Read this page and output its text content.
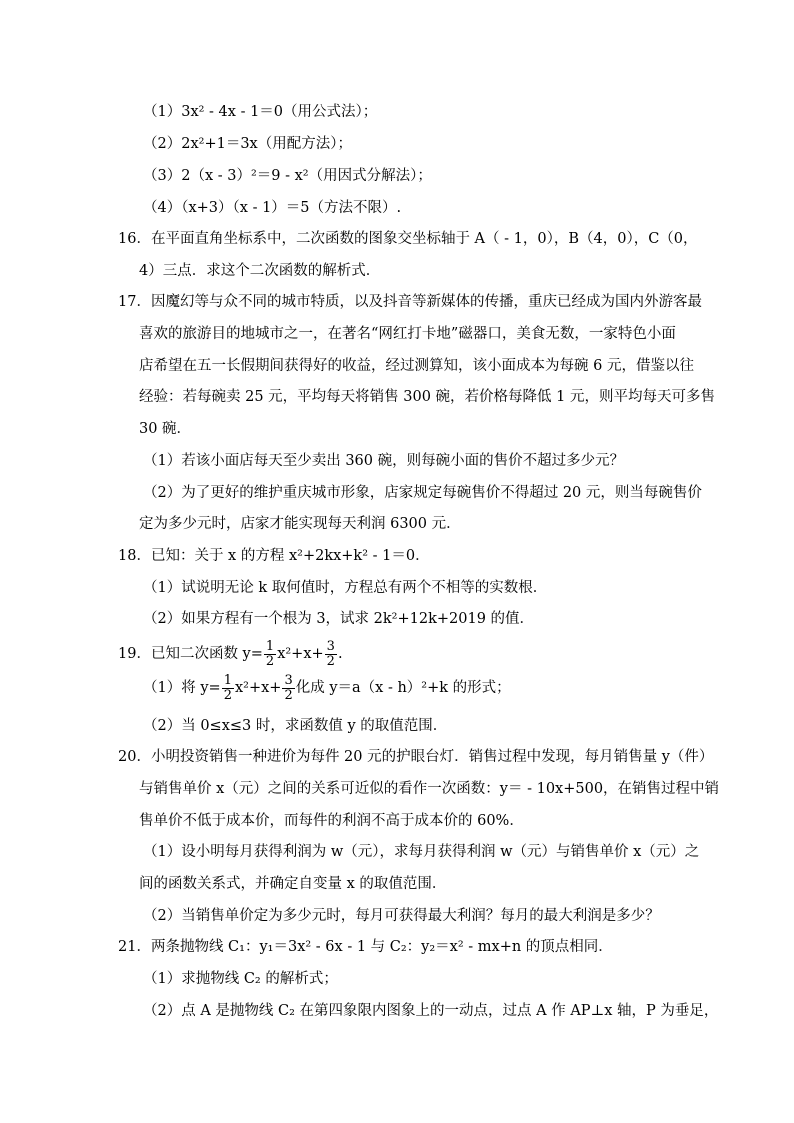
（1）3x² - 4x - 1＝0（用公式法）；
（2）2x²+1＝3x（用配方法）；
（3）2（x - 3）²＝9 - x²（用因式分解法）；
（4）（x+3）（x - 1）＝5（方法不限）.
16．在平面直角坐标系中，二次函数的图象交坐标轴于 A（ - 1，0），B（4，0），C（0，
4）三点．求这个二次函数的解析式．
17．因魔幻等与众不同的城市特质，以及抖音等新媒体的传播，重庆已经成为国内外游客最
喜欢的旅游目的地城市之一，在著名“网红打卡地”磁器口，美食无数，一家特色小面
店希望在五一长假期间获得好的收益，经过测算知，该小面成本为每碗 6 元，借鉴以往
经验：若每碗卖 25 元，平均每天将销售 300 碗，若价格每降低 1 元，则平均每天可多售
30 碗．
（1）若该小面店每天至少卖出 360 碗，则每碗小面的售价不超过多少元？
（2）为了更好的维护重庆城市形象，店家规定每碗售价不得超过 20 元，则当每碗售价
定为多少元时，店家才能实现每天利润 6300 元．
18．已知：关于 x 的方程 x²+2kx+k² - 1＝0．
（1）试说明无论 k 取何值时，方程总有两个不相等的实数根．
（2）如果方程有一个根为 3，试求 2k²+12k+2019 的值．
19．已知二次函数 $y= \frac{1}{2} x^2+x+ \frac{3}{2}$ .
（1）将 $y= \frac{1}{2} x^2+x+ \frac{3}{2}$ 化成 y＝a（x - h）²+k 的形式；
（2）当 0≤x≤3 时，求函数值 y 的取值范围．
20．小明投资销售一种进价为每件 20 元的护眼台灯．销售过程中发现，每月销售量 y（件）
与销售单价 x（元）之间的关系可近似的看作一次函数：y＝ - 10x+500，在销售过程中销
售单价不低于成本价，而每件的利润不高于成本价的 60%．
（1）设小明每月获得利润为 w（元），求每月获得利润 w（元）与销售单价 x（元）之
间的函数关系式，并确定自变量 x 的取值范围．
（2）当销售单价定为多少元时，每月可获得最大利润？每月的最大利润是多少？
21．两条抛物线 C₁：y₁＝3x² - 6x - 1 与 C₂：y₂＝x² - mx+n 的顶点相同．
（1）求抛物线 C₂ 的解析式；
（2）点 A 是抛物线 C₂ 在第四象限内图象上的一动点，过点 A 作 AP⊥x 轴，P 为垂足，
